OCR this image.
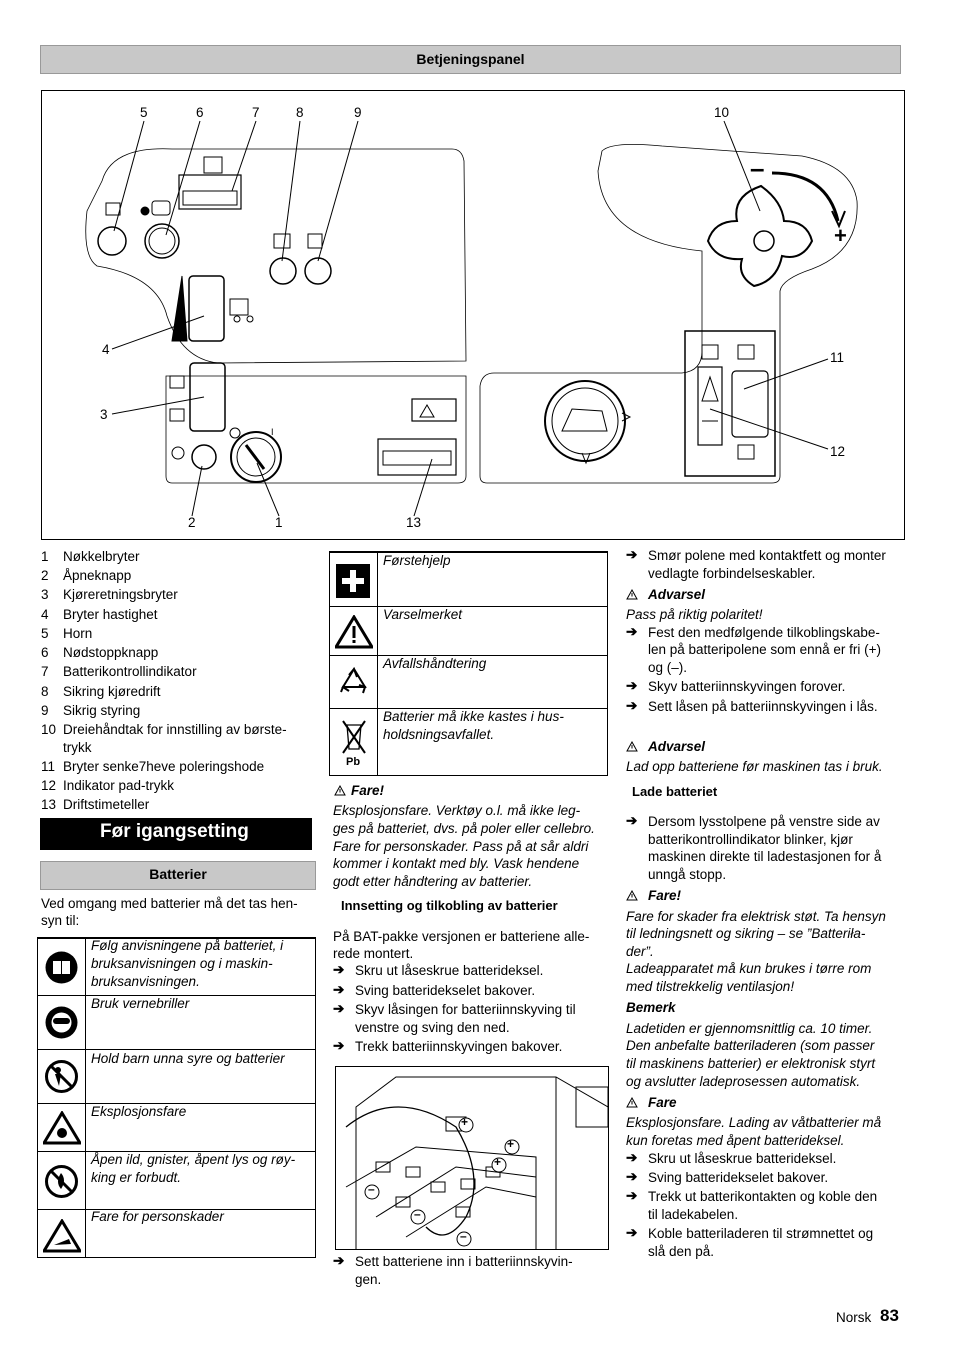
Betjeningspanel
5	6	7	8	9	10
4
3
11
12
2	1	13
–
+
I
1 Nøkkelbryter
2 Åpneknapp
3 Kjøreretningsbryter
4 Bryter hastighet
5 Horn
6 Nødstoppknapp
7 Batterikontrollindikator
8 Sikring kjøredrift
9 Sikrig styring
10 Dreiehåndtak for innstilling av børste-
trykk
11 Bryter senke7heve poleringshode
12 Indikator pad-trykk
13 Driftstimeteller
Før igangsetting
Batterier
Ved omgang med batterier må det tas hen-
syn til:
Følg anvisningene på batteriet, i
bruksanvisningen og i maskin-
bruksanvisningen.
Bruk vernebriller
Hold barn unna syre og batterier
Eksplosjonsfare
Åpen ild, gnister, åpent lys og røy-
king er forbudt.
Fare for personskader
Førstehjelp
Varselmerket
Avfallshåndtering
Pb
Batterier må ikke kastes i hus-
holdsningsavfallet.
Fare!
Eksplosjonsfare. Verktøy o.l. må ikke leg-
ges på batteriet, dvs. på poler eller cellebro.
Fare for personskader. Pass på at sår aldri
kommer i kontakt med bly. Vask hendene
godt etter håndtering av batterier.
Innsetting og tilkobling av batterier
På BAT-pakke versjonen er batteriene alle-
rede montert.
➔ Skru ut låseskrue batterideksel.
➔ Sving batteridekselet bakover.
➔ Skyv låsingen for batteriinnskyving til
venstre og sving den ned.
➔ Trekk batteriinnskyvingen bakover.
+
+
+
–
–
–
➔ Sett batteriene inn i batteriinnskyvin-
gen.
➔ Smør polene med kontaktfett og monter
vedlagte forbindelseskabler.
Advarsel
Pass på riktig polaritet!
➔ Fest den medfølgende tilkoblingskabe-
len på batteripolene som ennå er fri (+)
og (–).
➔ Skyv batteriinnskyvingen forover.
➔ Sett låsen på batteriinnskyvingen i lås.
Advarsel
Lad opp batteriene før maskinen tas i bruk.
Lade batteriet
➔ Dersom lysstolpene på venstre side av
batterikontrollindikator blinker, kjør
maskinen direkte til ladestasjonen for å
unngå stopp.
Fare!
Fare for skader fra elektrisk støt. Ta hensyn
til ledningsnett og sikring – se ”Batteriła-
der”.
Ladeapparatet må kun brukes i tørre rom
med tilstrekkelig ventilasjon!
Bemerk
Ladetiden er gjennomsnittlig ca. 10 timer.
Den anbefalte batteriladeren (som passer
til maskinens batterier) er elektronisk styrt
og avslutter ladeprosessen automatisk.
Fare
Eksplosjonsfare. Lading av våtbatterier må
kun foretas med åpent batterideksel.
➔ Skru ut låseskrue batterideksel.
➔ Sving batteridekselet bakover.
➔ Trekk ut batterikontakten og koble den
til ladekabelen.
➔ Koble batteriladeren til strømnettet og
slå den på.
Norsk 83
